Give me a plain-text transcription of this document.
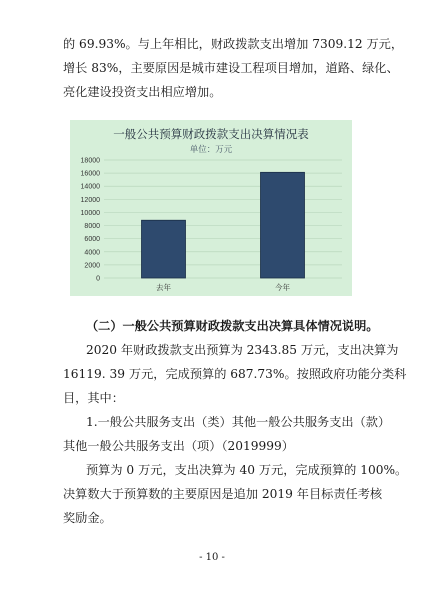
的 69.93%。与上年相比，财政拨款支出增加 7309.12 万元，
增长 83%，主要原因是城市建设工程项目增加，道路、绿化、
亮化建设投资支出相应增加。
一般公共预算财政拨款支出决算情况表
单位：万元
0
2000
4000
6000
8000
10000
12000
14000
16000
18000
去年	今年
（二）一般公共预算财政拨款支出决算具体情况说明。
2020 年财政拨款支出预算为 2343.85 万元，支出决算为
16119. 39 万元，完成预算的 687.73%。按照政府功能分类科
目，其中：
1.一般公共服务支出（类）其他一般公共服务支出（款）
其他一般公共服务支出（项）（2019999）
预算为 0 万元，支出决算为 40 万元，完成预算的 100%。
决算数大于预算数的主要原因是追加 2019 年目标责任考核
奖励金。
- 10 -
